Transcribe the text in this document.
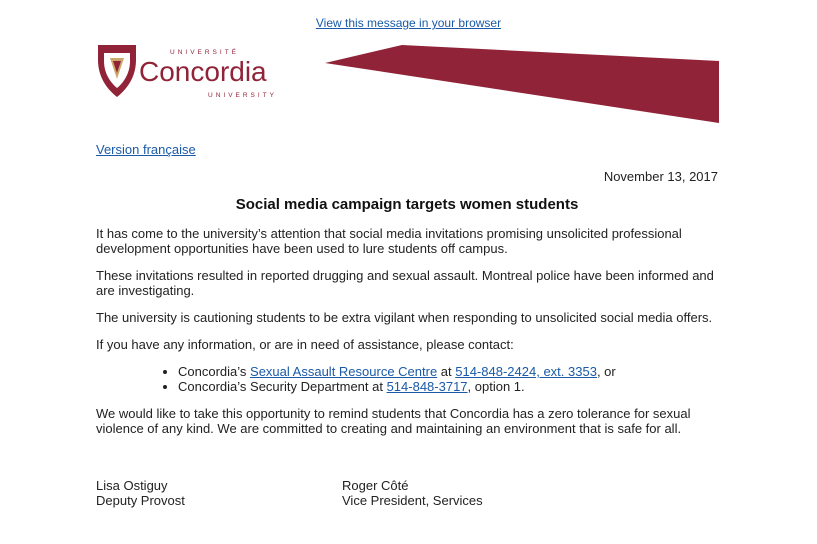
View this message in your browser
UNIVERSITÉ
Concordia
UNIVERSITY
Version française
November 13, 2017
Social media campaign targets women students

It has come to the university’s attention that social media invitations promising unsolicited professional development opportunities have been used to lure students off campus.

These invitations resulted in reported drugging and sexual assault. Montreal police have been informed and are investigating.

The university is cautioning students to be extra vigilant when responding to unsolicited social media offers.

If you have any information, or are in need of assistance, please contact:

• Concordia’s Sexual Assault Resource Centre at 514-848-2424, ext. 3353, or
• Concordia’s Security Department at 514-848-3717, option 1.

We would like to take this opportunity to remind students that Concordia has a zero tolerance for sexual violence of any kind. We are committed to creating and maintaining an environment that is safe for all.

Lisa Ostiguy
Deputy Provost
Roger Côté
Vice President, Services
